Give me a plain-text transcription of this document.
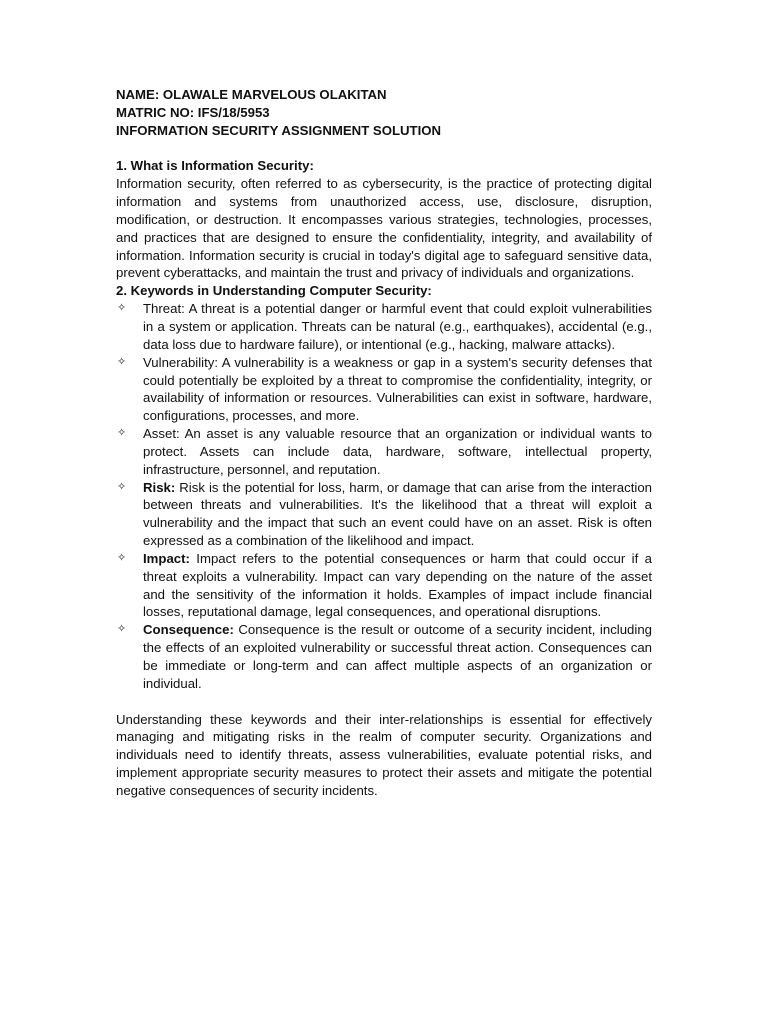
NAME: OLAWALE MARVELOUS OLAKITAN
MATRIC NO: IFS/18/5953
INFORMATION SECURITY ASSIGNMENT SOLUTION
1. What is Information Security:

Information security, often referred to as cybersecurity, is the practice of protecting digital information and systems from unauthorized access, use, disclosure, disruption, modification, or destruction. It encompasses various strategies, technologies, processes, and practices that are designed to ensure the confidentiality, integrity, and availability of information. Information security is crucial in today's digital age to safeguard sensitive data, prevent cyberattacks, and maintain the trust and privacy of individuals and organizations.

2. Keywords in Understanding Computer Security:
✧ Threat: A threat is a potential danger or harmful event that could exploit vulnerabilities in a system or application. Threats can be natural (e.g., earthquakes), accidental (e.g., data loss due to hardware failure), or intentional (e.g., hacking, malware attacks).
✧ Vulnerability: A vulnerability is a weakness or gap in a system's security defenses that could potentially be exploited by a threat to compromise the confidentiality, integrity, or availability of information or resources. Vulnerabilities can exist in software, hardware, configurations, processes, and more.
✧ Asset: An asset is any valuable resource that an organization or individual wants to protect. Assets can include data, hardware, software, intellectual property, infrastructure, personnel, and reputation.
✧ Risk: Risk is the potential for loss, harm, or damage that can arise from the interaction between threats and vulnerabilities. It's the likelihood that a threat will exploit a vulnerability and the impact that such an event could have on an asset. Risk is often expressed as a combination of the likelihood and impact.
✧ Impact: Impact refers to the potential consequences or harm that could occur if a threat exploits a vulnerability. Impact can vary depending on the nature of the asset and the sensitivity of the information it holds. Examples of impact include financial losses, reputational damage, legal consequences, and operational disruptions.
✧ Consequence: Consequence is the result or outcome of a security incident, including the effects of an exploited vulnerability or successful threat action. Consequences can be immediate or long-term and can affect multiple aspects of an organization or individual.

Understanding these keywords and their inter-relationships is essential for effectively managing and mitigating risks in the realm of computer security. Organizations and individuals need to identify threats, assess vulnerabilities, evaluate potential risks, and implement appropriate security measures to protect their assets and mitigate the potential negative consequences of security incidents.
